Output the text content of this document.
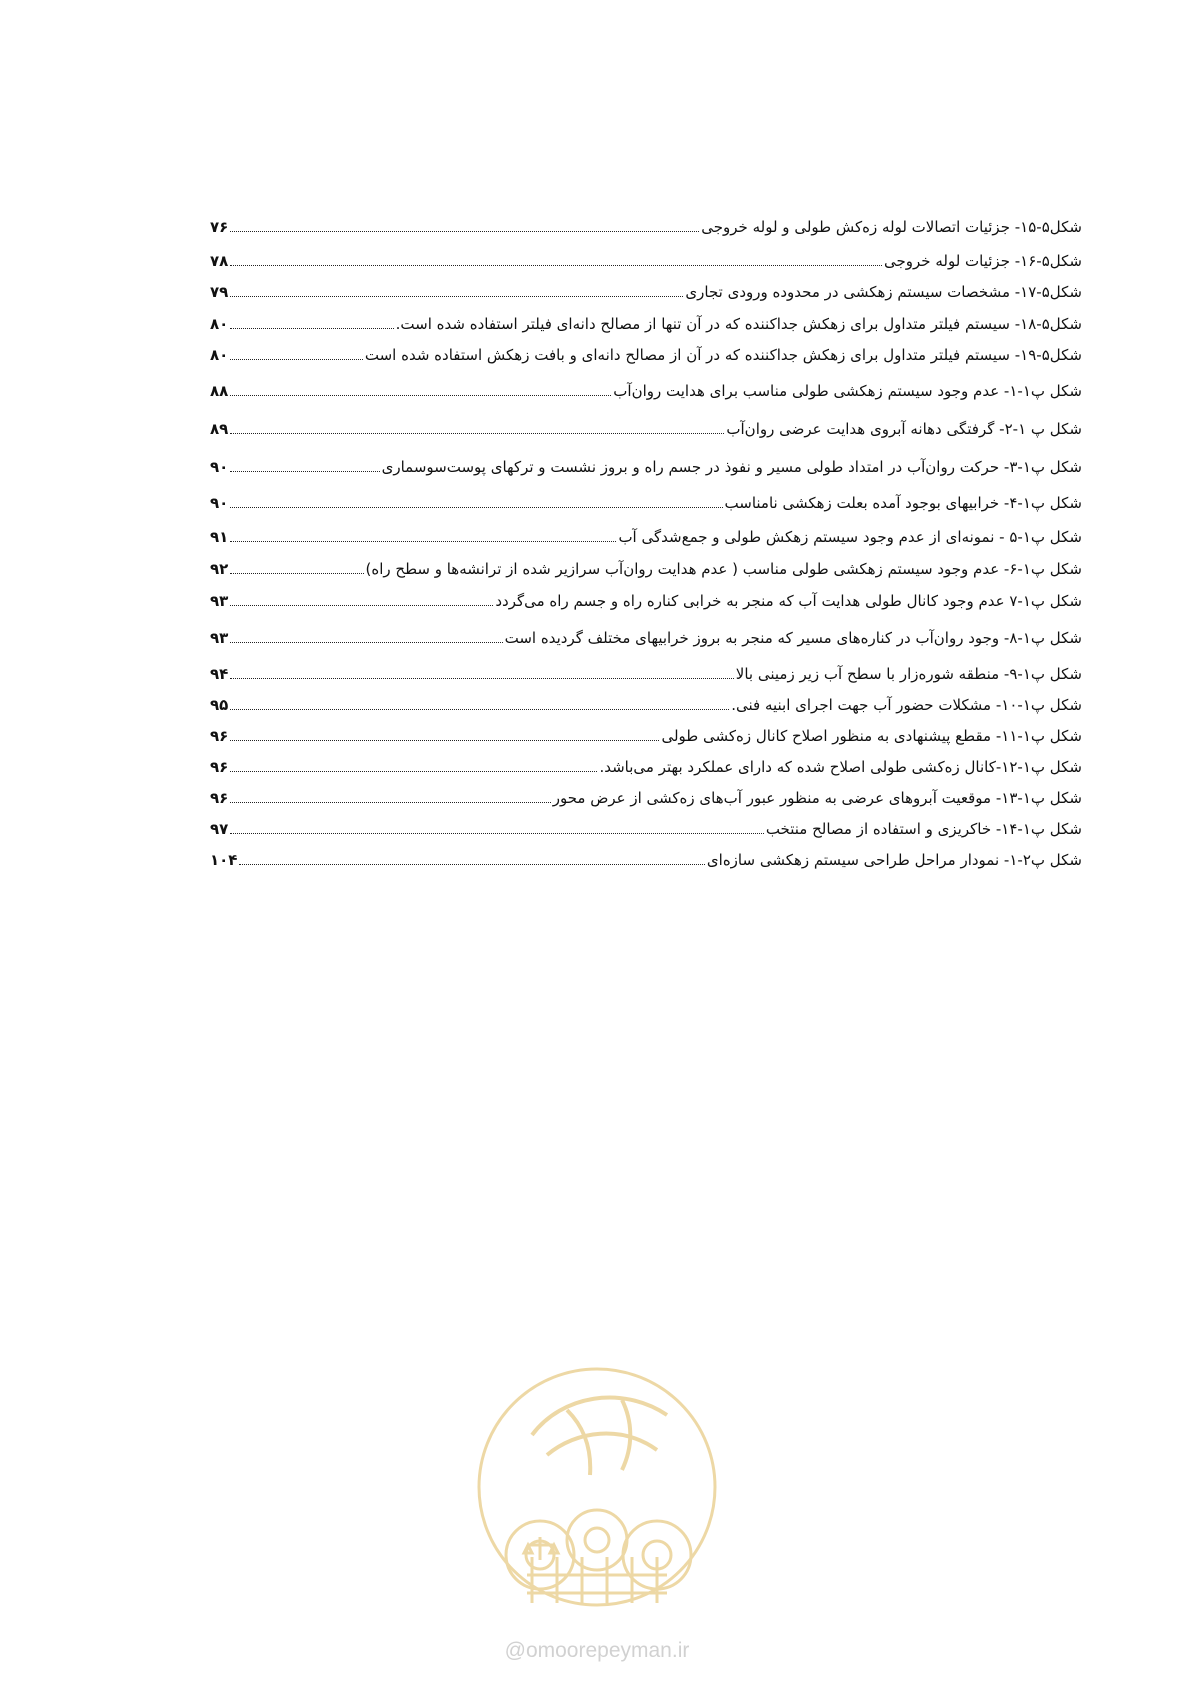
شکل۵-۱۵- جزئیات اتصالات لوله زه‌کش طولی و لوله خروجی
۷۶
شکل۵-۱۶- جزئیات لوله خروجی
۷۸
شکل۵-۱۷- مشخصات سیستم زهکشی در محدوده ورودی تجاری
۷۹
شکل۵-۱۸- سیستم فیلتر متداول برای زهکش جداکننده که در آن تنها از مصالح دانه‌ای فیلتر استفاده شده است.
۸۰
شکل۵-۱۹- سیستم فیلتر متداول برای زهکش جداکننده که در آن از مصالح دانه‌ای و بافت زهکش استفاده شده است
۸۰
شکل پ۱-۱- عدم وجود سیستم زهکشی طولی مناسب برای هدایت روان‌آب
۸۸
شکل پ ۱-۲- گرفتگی دهانه آبروی هدایت عرضی روان‌آب
۸۹
شکل پ۱-۳- حرکت روان‌آب در امتداد طولی مسیر و نفوذ در جسم راه و بروز نشست و ترکهای پوست‌سوسماری
۹۰
شکل پ۱-۴- خرابیهای بوجود آمده بعلت زهکشی نامناسب
۹۰
شکل پ۱-۵ - نمونه‌ای از عدم وجود سیستم زهکش طولی و جمع‌شدگی آب
۹۱
شکل پ۱-۶- عدم وجود سیستم زهکشی طولی مناسب ( عدم هدایت روان‌آب سرازیر شده از ترانشه‌ها و سطح راه)
۹۲
شکل پ۱-۷ عدم وجود کانال طولی هدایت آب که منجر به خرابی کناره راه و جسم راه می‌گردد
۹۳
شکل پ۱-۸- وجود روان‌آب در کناره‌های مسیر که منجر به بروز خرابیهای مختلف گردیده است
۹۳
شکل پ۱-۹- منطقه شوره‌زار با سطح آب زیر زمینی بالا
۹۴
شکل پ۱-۱۰- مشکلات حضور آب جهت اجرای ابنیه فنی.
۹۵
شکل پ۱-۱۱- مقطع پیشنهادی به منظور اصلاح کانال زه‌کشی طولی
۹۶
شکل پ۱-۱۲-کانال زه‌کشی طولی اصلاح شده که دارای عملکرد بهتر می‌باشد.
۹۶
شکل پ۱-۱۳- موقعیت آبروهای عرضی به منظور عبور آب‌های زه‌کشی از عرض محور
۹۶
شکل پ۱-۱۴- خاکریزی و استفاده از مصالح منتخب
۹۷
شکل پ۲-۱- نمودار مراحل طراحی سیستم زهکشی سازه‌ای
۱۰۴
@omoorepeyman.ir
